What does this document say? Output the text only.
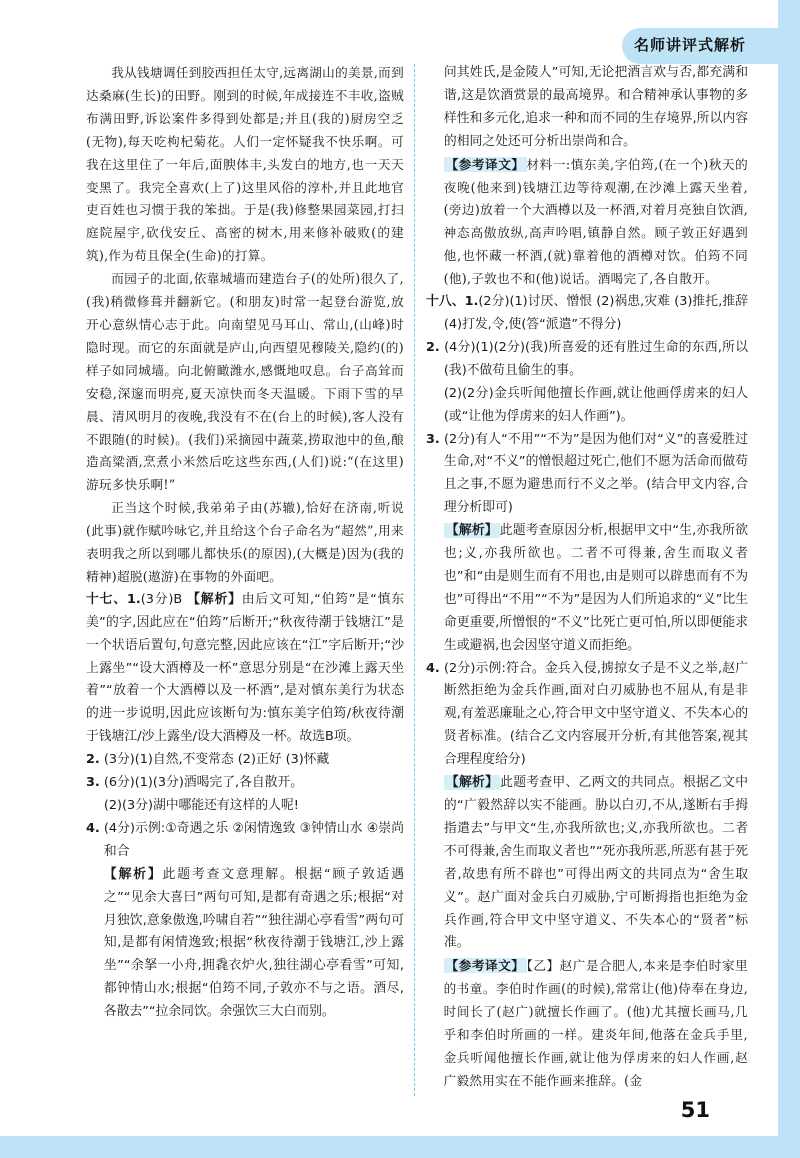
名师讲评式解析
51

我从钱塘调任到胶西担任太守,远离湖山的美景,而到达桑麻(生长)的田野。刚到的时候,年成接连不丰收,盗贼布满田野,诉讼案件多得到处都是;并且(我的)厨房空乏(无物),每天吃枸杞菊花。人们一定怀疑我不快乐啊。可我在这里住了一年后,面腴体丰,头发白的地方,也一天天变黑了。我完全喜欢(上了)这里风俗的淳朴,并且此地官吏百姓也习惯于我的笨拙。于是(我)修整果园菜园,打扫庭院屋宇,砍伐安丘、高密的树木,用来修补破败(的建筑),作为苟且保全(生命)的打算。

而园子的北面,依靠城墙而建造台子(的处所)很久了,(我)稍微修葺并翻新它。(和朋友)时常一起登台游览,放开心意纵情心志于此。向南望见马耳山、常山,(山峰)时隐时现。而它的东面就是庐山,向西望见穆陵关,隐约(的)样子如同城墙。向北俯瞰潍水,感慨地叹息。台子高耸而安稳,深邃而明亮,夏天凉快而冬天温暖。下雨下雪的早晨、清风明月的夜晚,我没有不在(台上的时候),客人没有不跟随(的时候)。(我们)采摘园中蔬菜,捞取池中的鱼,酿造高粱酒,烹煮小米然后吃这些东西,(人们)说:“(在这里)游玩多快乐啊!”

正当这个时候,我弟弟子由(苏辙),恰好在济南,听说(此事)就作赋吟咏它,并且给这个台子命名为“超然”,用来表明我之所以到哪儿都快乐(的原因),(大概是)因为(我的精神)超脱(遨游)在事物的外面吧。

十七、1.(3分)B 【解析】由后文可知,“伯筠”是“慎东美”的字,因此应在“伯筠”后断开;“秋夜待潮于钱塘江”是一个状语后置句,句意完整,因此应该在“江”字后断开;“沙上露坐”“设大酒樽及一杯”意思分别是“在沙滩上露天坐着”“放着一个大酒樽以及一杯酒”,是对慎东美行为状态的进一步说明,因此应该断句为:慎东美字伯筠/秋夜待潮于钱塘江/沙上露坐/设大酒樽及一杯。故选B项。

2. (3分)(1)自然,不变常态 (2)正好 (3)怀藏

3. (6分)(1)(3分)酒喝完了,各自散开。

(2)(3分)湖中哪能还有这样的人呢!

4. (4分)示例:①奇遇之乐 ②闲情逸致 ③钟情山水 ④崇尚和合

【解析】此题考查文意理解。根据“顾子敦适遇之”“见余大喜曰”两句可知,是都有奇遇之乐;根据“对月独饮,意象傲逸,吟啸自若”“独往湖心亭看雪”两句可知,是都有闲情逸致;根据“秋夜待潮于钱塘江,沙上露坐”“余拏一小舟,拥毳衣炉火,独往湖心亭看雪”可知,都钟情山水;根据“伯筠不同,子敦亦不与之语。酒尽,各散去”“拉余同饮。余强饮三大白而别。

问其姓氏,是金陵人”可知,无论把酒言欢与否,都充满和谐,这是饮酒赏景的最高境界。和合精神承认事物的多样性和多元化,追求一种和而不同的生存境界,所以内容的相同之处还可分析出崇尚和合。

【参考译文】 材料一:慎东美,字伯筠,(在一个)秋天的夜晚(他来到)钱塘江边等待观潮,在沙滩上露天坐着,(旁边)放着一个大酒樽以及一杯酒,对着月亮独自饮酒,神态高傲放纵,高声吟唱,镇静自然。顾子敦正好遇到他,也怀藏一杯酒,(就)靠着他的酒樽对饮。伯筠不同(他),子敦也不和(他)说话。酒喝完了,各自散开。

十八、1.(2分)(1)讨厌、憎恨 (2)祸患,灾难 (3)推托,推辞 (4)打发,令,使(答“派遣”不得分)

2. (4分)(1)(2分)(我)所喜爱的还有胜过生命的东西,所以(我)不做苟且偷生的事。

(2)(2分)金兵听闻他擅长作画,就让他画俘虏来的妇人(或“让他为俘虏来的妇人作画”)。

3. (2分)有人“不用”“不为”是因为他们对“义”的喜爱胜过生命,对“不义”的憎恨超过死亡,他们不愿为活命而做苟且之事,不愿为避患而行不义之举。(结合甲文内容,合理分析即可)

【解析】 此题考查原因分析,根据甲文中“生,亦我所欲也;义,亦我所欲也。二者不可得兼,舍生而取义者也”和“由是则生而有不用也,由是则可以辟患而有不为也”可得出“不用”“不为”是因为人们所追求的“义”比生命更重要,所憎恨的“不义”比死亡更可怕,所以即便能求生或避祸,也会因坚守道义而拒绝。

4. (2分)示例:符合。金兵入侵,掳掠女子是不义之举,赵广断然拒绝为金兵作画,面对白刃威胁也不屈从,有是非观,有羞恶廉耻之心,符合甲文中坚守道义、不失本心的贤者标准。(结合乙文内容展开分析,有其他答案,视其合理程度给分)

【解析】 此题考查甲、乙两文的共同点。根据乙文中的“广毅然辞以实不能画。胁以白刃,不从,遂断右手拇指遣去”与甲文“生,亦我所欲也;义,亦我所欲也。二者不可得兼,舍生而取义者也”“死亦我所恶,所恶有甚于死者,故患有所不辟也”可得出两文的共同点为“舍生取义”。赵广面对金兵白刃威胁,宁可断拇指也拒绝为金兵作画,符合甲文中坚守道义、不失本心的“贤者”标准。

【参考译文】 【乙】赵广是合肥人,本来是李伯时家里的书童。李伯时作画(的时候),常常让(他)侍奉在身边,时间长了(赵广)就擅长作画了。(他)尤其擅长画马,几乎和李伯时所画的一样。建炎年间,他落在金兵手里,金兵听闻他擅长作画,就让他为俘虏来的妇人作画,赵广毅然用实在不能作画来推辞。(金
